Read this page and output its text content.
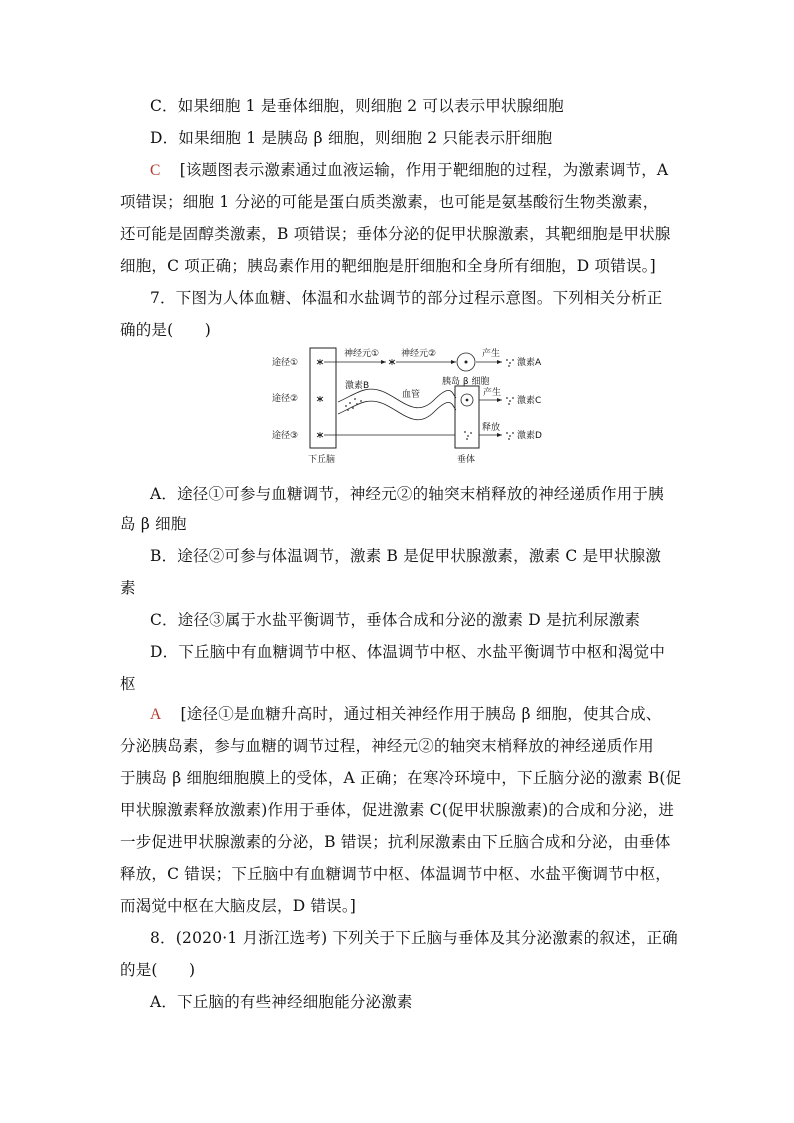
C．如果细胞 1 是垂体细胞，则细胞 2 可以表示甲状腺细胞
D．如果细胞 1 是胰岛 β 细胞，则细胞 2 只能表示肝细胞
C [该题图表示激素通过血液运输，作用于靶细胞的过程，为激素调节，A
项错误；细胞 1 分泌的可能是蛋白质类激素，也可能是氨基酸衍生物类激素，
还可能是固醇类激素，B 项错误；垂体分泌的促甲状腺激素，其靶细胞是甲状腺
细胞，C 项正确；胰岛素作用的靶细胞是肝细胞和全身所有细胞，D 项错误。]
7．下图为人体血糖、体温和水盐调节的部分过程示意图。下列相关分析正
确的是(　　)
途径①
途径②
途径③
神经元① 神经元②	产生
激素A
激素B
血管
胰岛 β 细胞
产生
激素C
释放
激素D
下丘脑	垂体
A．途径①可参与血糖调节，神经元②的轴突末梢释放的神经递质作用于胰
岛 β 细胞
B．途径②可参与体温调节，激素 B 是促甲状腺激素，激素 C 是甲状腺激
素
C．途径③属于水盐平衡调节，垂体合成和分泌的激素 D 是抗利尿激素
D．下丘脑中有血糖调节中枢、体温调节中枢、水盐平衡调节中枢和渴觉中
枢
A [途径①是血糖升高时，通过相关神经作用于胰岛 β 细胞，使其合成、
分泌胰岛素，参与血糖的调节过程，神经元②的轴突末梢释放的神经递质作用
于胰岛 β 细胞细胞膜上的受体，A 正确；在寒冷环境中，下丘脑分泌的激素 B(促
甲状腺激素释放激素)作用于垂体，促进激素 C(促甲状腺激素)的合成和分泌，进
一步促进甲状腺激素的分泌，B 错误；抗利尿激素由下丘脑合成和分泌，由垂体
释放，C 错误；下丘脑中有血糖调节中枢、体温调节中枢、水盐平衡调节中枢，
而渴觉中枢在大脑皮层，D 错误。]
8．(2020·1 月浙江选考) 下列关于下丘脑与垂体及其分泌激素的叙述，正确
的是(　　)
A．下丘脑的有些神经细胞能分泌激素
